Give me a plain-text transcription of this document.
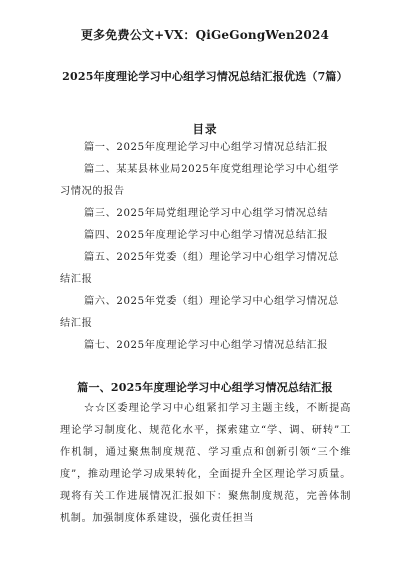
更多免费公文+VX：QiGeGongWen2024
2025年度理论学习中心组学习情况总结汇报优选（7篇）
目录
篇一、2025年度理论学习中心组学习情况总结汇报
篇二、某某县林业局2025年度党组理论学习中心组学
习情况的报告
篇三、2025年局党组理论学习中心组学习情况总结
篇四、2025年度理论学习中心组学习情况总结汇报
篇五、2025年党委（组）理论学习中心组学习情况总
结汇报
篇六、2025年党委（组）理论学习中心组学习情况总
结汇报
篇七、2025年度理论学习中心组学习情况总结汇报
篇一、2025年度理论学习中心组学习情况总结汇报

☆☆区委理论学习中心组紧扣学习主题主线，不断提高理论学习制度化、规范化水平，探索建立“学、调、研转”工作机制，通过聚焦制度规范、学习重点和创新引领“三个维度”，推动理论学习成果转化，全面提升全区理论学习质量。现将有关工作进展情况汇报如下：聚焦制度规范，完善体制机制。加强制度体系建设，强化责任担当
